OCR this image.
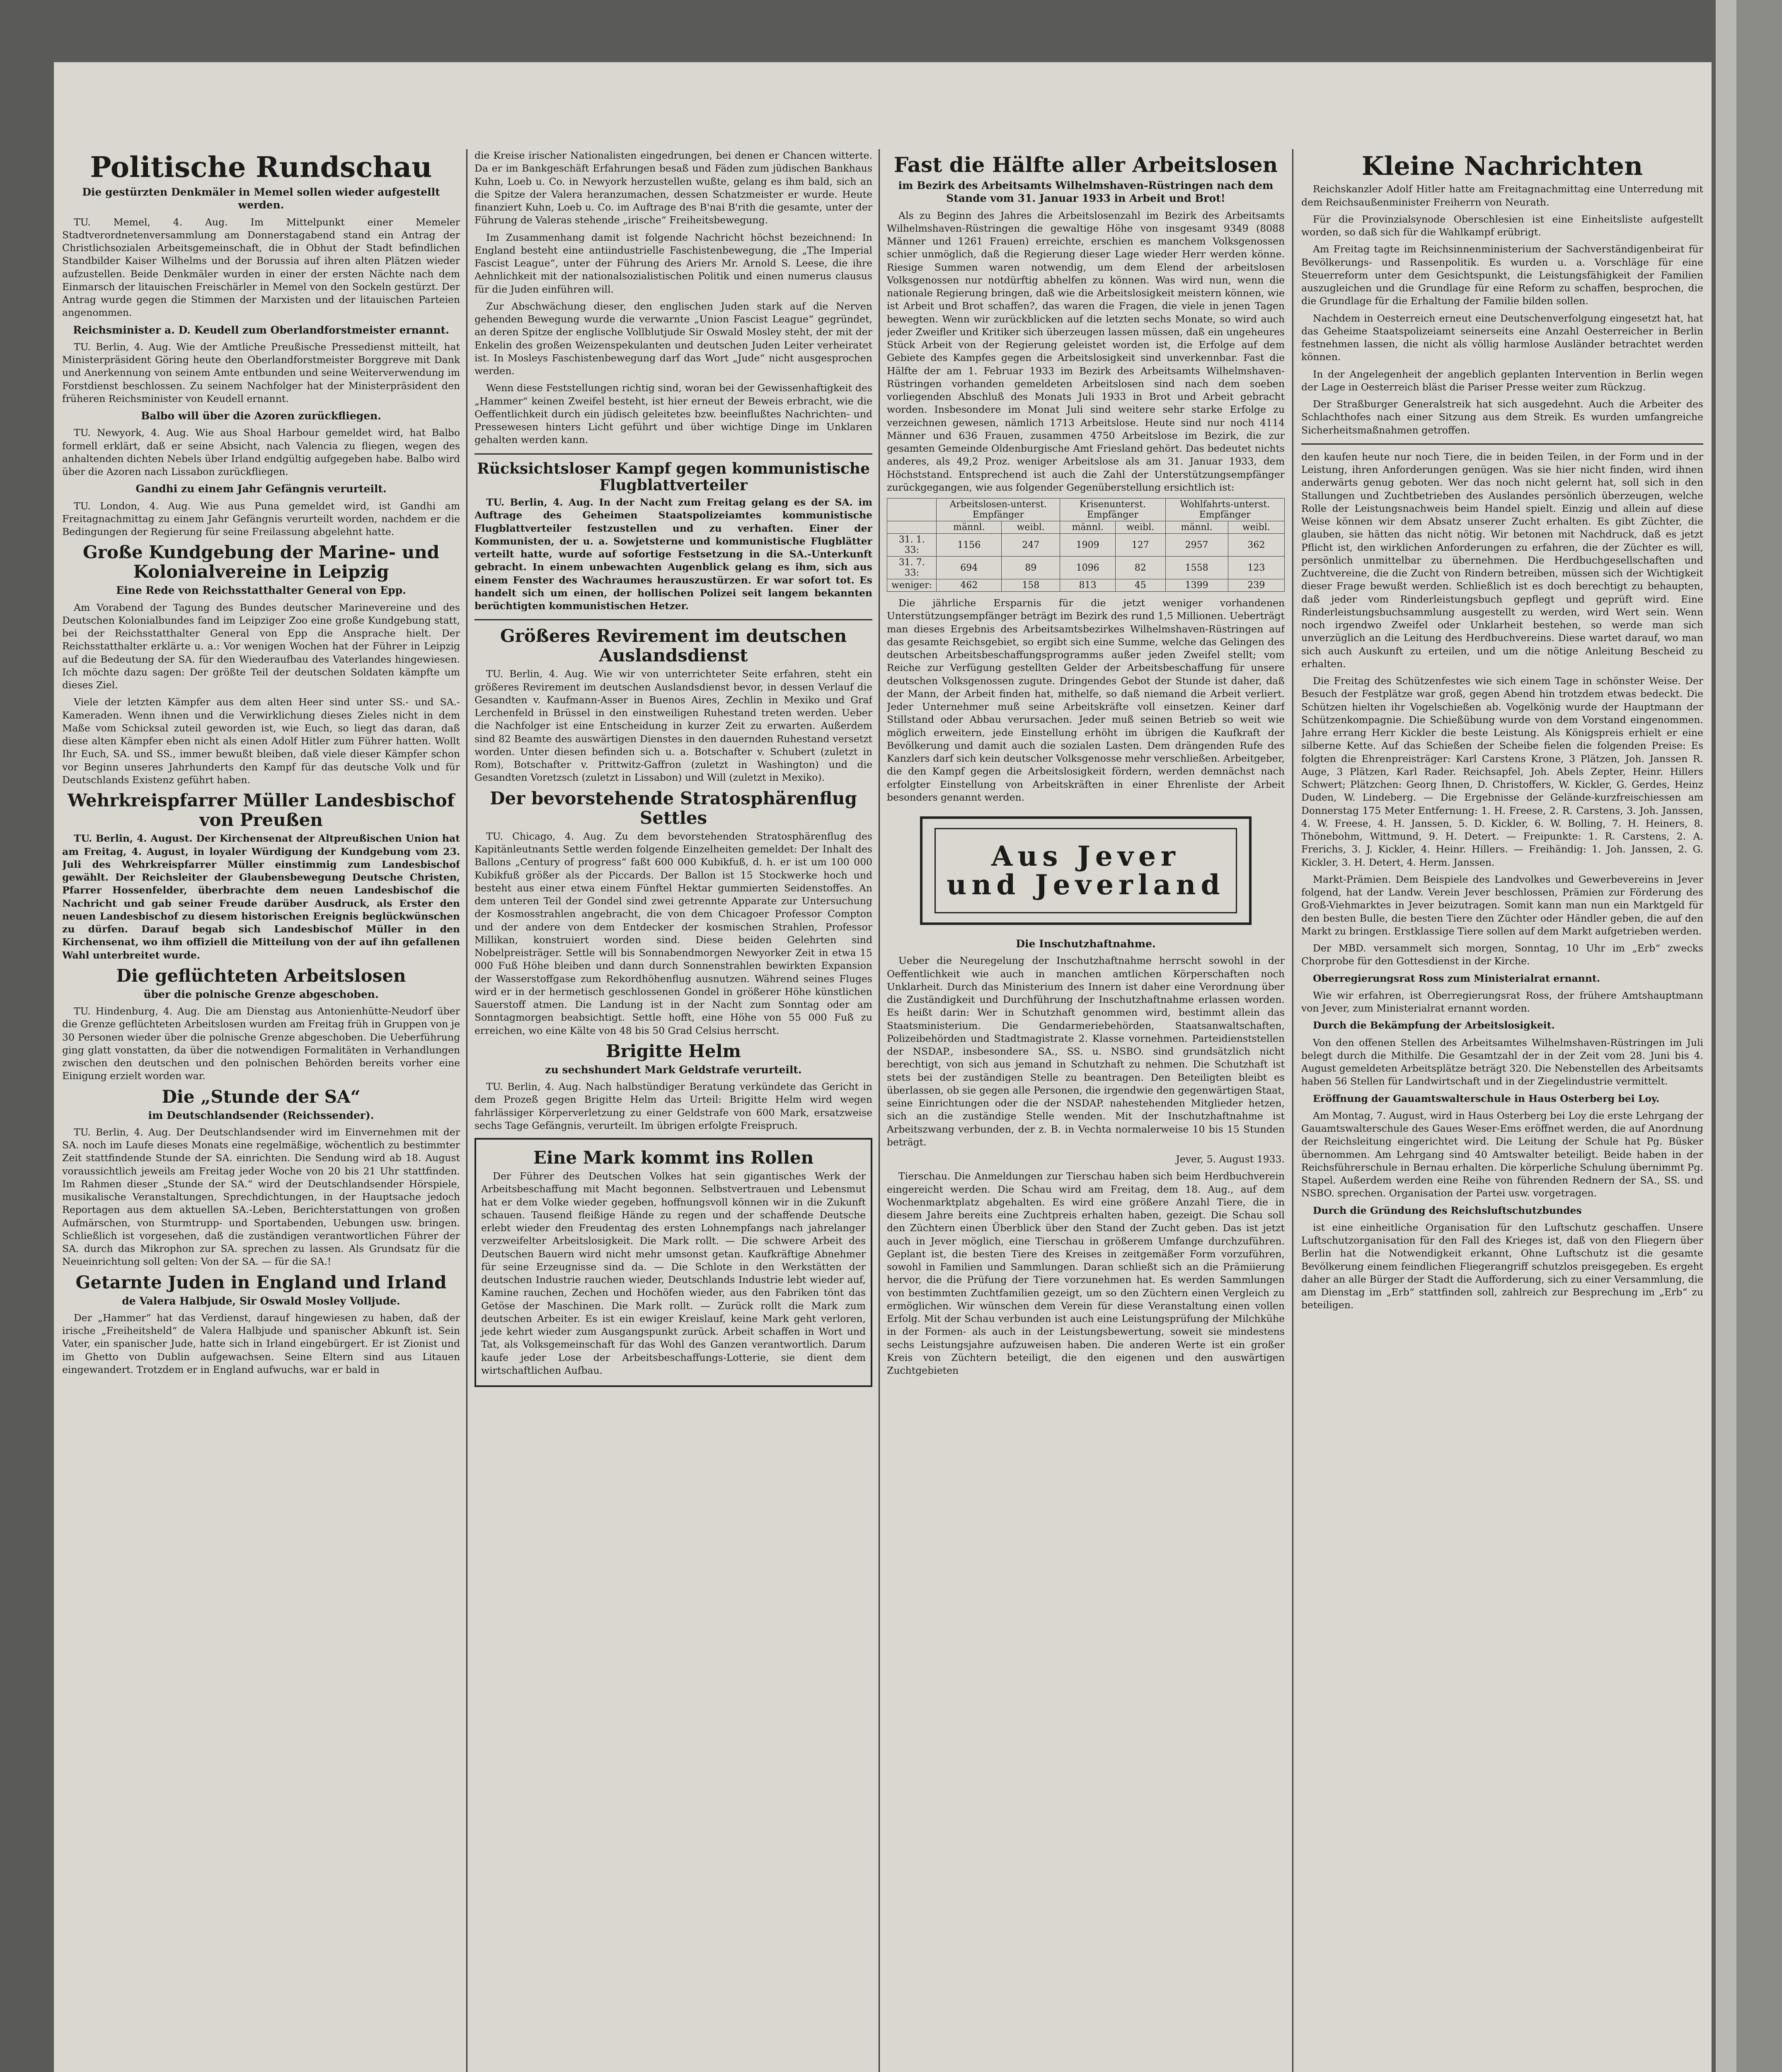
Politische Rundschau
Die gestürzten Denkmäler in Memel sollen wieder aufgestellt werden.

TU. Memel, 4. Aug. Im Mittelpunkt einer Memeler Stadtverordnetenversammlung am Donnerstagabend stand ein Antrag der Christlichsozialen Arbeitsgemeinschaft, die in Obhut der Stadt befindlichen Standbilder Kaiser Wilhelms und der Borussia auf ihren alten Plätzen wieder aufzustellen. Beide Denkmäler wurden in einer der ersten Nächte nach dem Einmarsch der litauischen Freischärler in Memel von den Sockeln gestürzt. Der Antrag wurde gegen die Stimmen der Marxisten und der litauischen Parteien angenommen.

Reichsminister a. D. Keudell zum Oberlandforstmeister ernannt.

TU. Berlin, 4. Aug. Wie der Amtliche Preußische Pressedienst mitteilt, hat Ministerpräsident Göring heute den Oberlandforstmeister Borggreve mit Dank und Anerkennung von seinem Amte entbunden und seine Weiterverwendung im Forstdienst beschlossen. Zu seinem Nachfolger hat der Ministerpräsident den früheren Reichsminister von Keudell ernannt.

Balbo will über die Azoren zurückfliegen.

TU. Newyork, 4. Aug. Wie aus Shoal Harbour gemeldet wird, hat Balbo formell erklärt, daß er seine Absicht, nach Valencia zu fliegen, wegen des anhaltenden dichten Nebels über Irland endgültig aufgegeben habe. Balbo wird über die Azoren nach Lissabon zurückfliegen.

Gandhi zu einem Jahr Gefängnis verurteilt.

TU. London, 4. Aug. Wie aus Puna gemeldet wird, ist Gandhi am Freitagnachmittag zu einem Jahr Gefängnis verurteilt worden, nachdem er die Bedingungen der Regierung für seine Freilassung abgelehnt hatte.

Große Kundgebung der Marine- und Kolonialvereine in Leipzig
Eine Rede von Reichsstatthalter General von Epp.

Am Vorabend der Tagung des Bundes deutscher Marinevereine und des Deutschen Kolonialbundes fand im Leipziger Zoo eine große Kundgebung statt, bei der Reichsstatthalter General von Epp die Ansprache hielt. Der Reichsstatthalter erklärte u. a.: Vor wenigen Wochen hat der Führer in Leipzig auf die Bedeutung der SA. für den Wiederaufbau des Vaterlandes hingewiesen. Ich möchte dazu sagen: Der größte Teil der deutschen Soldaten kämpfte um dieses Ziel.

Viele der letzten Kämpfer aus dem alten Heer sind unter SS.- und SA.-Kameraden. Wenn ihnen und die Verwirklichung dieses Zieles nicht in dem Maße vom Schicksal zuteil geworden ist, wie Euch, so liegt das daran, daß diese alten Kämpfer eben nicht als einen Adolf Hitler zum Führer hatten. Wollt Ihr Euch, SA. und SS., immer bewußt bleiben, daß viele dieser Kämpfer schon vor Beginn unseres Jahrhunderts den Kampf für das deutsche Volk und für Deutschlands Existenz geführt haben.

Wehrkreispfarrer Müller Landesbischof von Preußen

TU. Berlin, 4. August. Der Kirchensenat der Altpreußischen Union hat am Freitag, 4. August, in loyaler Würdigung der Kundgebung vom 23. Juli des Wehrkreispfarrer Müller einstimmig zum Landesbischof gewählt. Der Reichsleiter der Glaubensbewegung Deutsche Christen, Pfarrer Hossenfelder, überbrachte dem neuen Landesbischof die Nachricht und gab seiner Freude darüber Ausdruck, als Erster den neuen Landesbischof zu diesem historischen Ereignis beglückwünschen zu dürfen. Darauf begab sich Landesbischof Müller in den Kirchensenat, wo ihm offiziell die Mitteilung von der auf ihn gefallenen Wahl unterbreitet wurde.

Die geflüchteten Arbeitslosen
über die polnische Grenze abgeschoben.

TU. Hindenburg, 4. Aug. Die am Dienstag aus Antonienhütte-Neudorf über die Grenze geflüchteten Arbeitslosen wurden am Freitag früh in Gruppen von je 30 Personen wieder über die polnische Grenze abgeschoben. Die Ueberführung ging glatt vonstatten, da über die notwendigen Formalitäten in Verhandlungen zwischen den deutschen und den polnischen Behörden bereits vorher eine Einigung erzielt worden war.

Die „Stunde der SA“
im Deutschlandsender (Reichssender).

TU. Berlin, 4. Aug. Der Deutschlandsender wird im Einvernehmen mit der SA. noch im Laufe dieses Monats eine regelmäßige, wöchentlich zu bestimmter Zeit stattfindende Stunde der SA. einrichten. Die Sendung wird ab 18. August voraussichtlich jeweils am Freitag jeder Woche von 20 bis 21 Uhr stattfinden. Im Rahmen dieser „Stunde der SA.“ wird der Deutschlandsender Hörspiele, musikalische Veranstaltungen, Sprechdichtungen, in der Hauptsache jedoch Reportagen aus dem aktuellen SA.-Leben, Berichterstattungen von großen Aufmärschen, von Sturmtrupp- und Sportabenden, Uebungen usw. bringen. Schließlich ist vorgesehen, daß die zuständigen verantwortlichen Führer der SA. durch das Mikrophon zur SA. sprechen zu lassen. Als Grundsatz für die Neueinrichtung soll gelten: Von der SA. — für die SA.!

Getarnte Juden in England und Irland
de Valera Halbjude, Sir Oswald Mosley Volljude.

Der „Hammer“ hat das Verdienst, darauf hingewiesen zu haben, daß der irische „Freiheitsheld“ de Valera Halbjude und spanischer Abkunft ist. Sein Vater, ein spanischer Jude, hatte sich in Irland eingebürgert. Er ist Zionist und im Ghetto von Dublin aufgewachsen. Seine Eltern sind aus Litauen eingewandert. Trotzdem er in England aufwuchs, war er bald in

die Kreise irischer Nationalisten eingedrungen, bei denen er Chancen witterte. Da er im Bankgeschäft Erfahrungen besaß und Fäden zum jüdischen Bankhaus Kuhn, Loeb u. Co. in Newyork herzustellen wußte, gelang es ihm bald, sich an die Spitze der Valera heranzumachen, dessen Schatzmeister er wurde. Heute finanziert Kuhn, Loeb u. Co. im Auftrage des B'nai B'rith die gesamte, unter der Führung de Valeras stehende „irische“ Freiheitsbewegung.

Im Zusammenhang damit ist folgende Nachricht höchst bezeichnend: In England besteht eine antiindustrielle Faschistenbewegung, die „The Imperial Fascist League“, unter der Führung des Ariers Mr. Arnold S. Leese, die ihre Aehnlichkeit mit der nationalsozialistischen Politik und einen numerus clausus für die Juden einführen will.

Zur Abschwächung dieser, den englischen Juden stark auf die Nerven gehenden Bewegung wurde die verwarnte „Union Fascist League“ gegründet, an deren Spitze der englische Vollblutjude Sir Oswald Mosley steht, der mit der Enkelin des großen Weizenspekulanten und deutschen Juden Leiter verheiratet ist. In Mosleys Faschistenbewegung darf das Wort „Jude“ nicht ausgesprochen werden.

Wenn diese Feststellungen richtig sind, woran bei der Gewissenhaftigkeit des „Hammer“ keinen Zweifel besteht, ist hier erneut der Beweis erbracht, wie die Oeffentlichkeit durch ein jüdisch geleitetes bzw. beeinflußtes Nachrichten- und Pressewesen hinters Licht geführt und über wichtige Dinge im Unklaren gehalten werden kann.

Rücksichtsloser Kampf gegen kommunistische Flugblattverteiler

TU. Berlin, 4. Aug. In der Nacht zum Freitag gelang es der SA. im Auftrage des Geheimen Staatspolizeiamtes kommunistische Flugblattverteiler festzustellen und zu verhaften. Einer der Kommunisten, der u. a. Sowjetsterne und kommunistische Flugblätter verteilt hatte, wurde auf sofortige Festsetzung in die SA.-Unterkunft gebracht. In einem unbewachten Augenblick gelang es ihm, sich aus einem Fenster des Wachraumes herauszustürzen. Er war sofort tot. Es handelt sich um einen, der hollischen Polizei seit langem bekannten berüchtigten kommunistischen Hetzer.

Größeres Revirement im deutschen Auslandsdienst

TU. Berlin, 4. Aug. Wie wir von unterrichteter Seite erfahren, steht ein größeres Revirement im deutschen Auslandsdienst bevor, in dessen Verlauf die Gesandten v. Kaufmann-Asser in Buenos Aires, Zechlin in Mexiko und Graf Lerchenfeld in Brüssel in den einstweiligen Ruhestand treten werden. Ueber die Nachfolger ist eine Entscheidung in kurzer Zeit zu erwarten. Außerdem sind 82 Beamte des auswärtigen Dienstes in den dauernden Ruhestand versetzt worden. Unter diesen befinden sich u. a. Botschafter v. Schubert (zuletzt in Rom), Botschafter v. Prittwitz-Gaffron (zuletzt in Washington) und die Gesandten Voretzsch (zuletzt in Lissabon) und Will (zuletzt in Mexiko).

Der bevorstehende Stratosphärenflug Settles

TU. Chicago, 4. Aug. Zu dem bevorstehenden Stratosphärenflug des Kapitänleutnants Settle werden folgende Einzelheiten gemeldet: Der Inhalt des Ballons „Century of progress“ faßt 600 000 Kubikfuß, d. h. er ist um 100 000 Kubikfuß größer als der Piccards. Der Ballon ist 15 Stockwerke hoch und besteht aus einer etwa einem Fünftel Hektar gummierten Seidenstoffes. An dem unteren Teil der Gondel sind zwei getrennte Apparate zur Untersuchung der Kosmosstrahlen angebracht, die von dem Chicagoer Professor Compton und der andere von dem Entdecker der kosmischen Strahlen, Professor Millikan, konstruiert worden sind. Diese beiden Gelehrten sind Nobelpreisträger. Settle will bis Sonnabendmorgen Newyorker Zeit in etwa 15 000 Fuß Höhe bleiben und dann durch Sonnenstrahlen bewirkten Expansion der Wasserstoffgase zum Rekordhöhenflug ausnutzen. Während seines Fluges wird er in der hermetisch geschlossenen Gondel in größerer Höhe künstlichen Sauerstoff atmen. Die Landung ist in der Nacht zum Sonntag oder am Sonntagmorgen beabsichtigt. Settle hofft, eine Höhe von 55 000 Fuß zu erreichen, wo eine Kälte von 48 bis 50 Grad Celsius herrscht.

Brigitte Helm
zu sechshundert Mark Geldstrafe verurteilt.

TU. Berlin, 4. Aug. Nach halbstündiger Beratung verkündete das Gericht in dem Prozeß gegen Brigitte Helm das Urteil: Brigitte Helm wird wegen fahrlässiger Körperverletzung zu einer Geldstrafe von 600 Mark, ersatzweise sechs Tage Gefängnis, verurteilt. Im übrigen erfolgte Freispruch.

Eine Mark kommt ins Rollen

Der Führer des Deutschen Volkes hat sein gigantisches Werk der Arbeitsbeschaffung mit Macht begonnen. Selbstvertrauen und Lebensmut hat er dem Volke wieder gegeben, hoffnungsvoll können wir in die Zukunft schauen. Tausend fleißige Hände zu regen und der schaffende Deutsche erlebt wieder den Freudentag des ersten Lohnempfangs nach jahrelanger verzweifelter Arbeitslosigkeit. Die Mark rollt. — Die schwere Arbeit des Deutschen Bauern wird nicht mehr umsonst getan. Kaufkräftige Abnehmer für seine Erzeugnisse sind da. — Die Schlote in den Werkstätten der deutschen Industrie rauchen wieder, Deutschlands Industrie lebt wieder auf, Kamine rauchen, Zechen und Hochöfen wieder, aus den Fabriken tönt das Getöse der Maschinen. Die Mark rollt. — Zurück rollt die Mark zum deutschen Arbeiter. Es ist ein ewiger Kreislauf, keine Mark geht verloren, jede kehrt wieder zum Ausgangspunkt zurück. Arbeit schaffen in Wort und Tat, als Volksgemeinschaft für das Wohl des Ganzen verantwortlich. Darum kaufe jeder Lose der Arbeitsbeschaffungs-Lotterie, sie dient dem wirtschaftlichen Aufbau.

Fast die Hälfte aller Arbeitslosen
im Bezirk des Arbeitsamts Wilhelmshaven-Rüstringen nach dem Stande vom 31. Januar 1933 in Arbeit und Brot!

Als zu Beginn des Jahres die Arbeitslosenzahl im Bezirk des Arbeitsamts Wilhelmshaven-Rüstringen die gewaltige Höhe von insgesamt 9349 (8088 Männer und 1261 Frauen) erreichte, erschien es manchem Volksgenossen schier unmöglich, daß die Regierung dieser Lage wieder Herr werden könne. Riesige Summen waren notwendig, um dem Elend der arbeitslosen Volksgenossen nur notdürftig abhelfen zu können. Was wird nun, wenn die nationale Regierung bringen, daß wie die Arbeitslosigkeit meistern können, wie ist Arbeit und Brot schaffen?, das waren die Fragen, die viele in jenen Tagen bewegten. Wenn wir zurückblicken auf die letzten sechs Monate, so wird auch jeder Zweifler und Kritiker sich überzeugen lassen müssen, daß ein ungeheures Stück Arbeit von der Regierung geleistet worden ist, die Erfolge auf dem Gebiete des Kampfes gegen die Arbeitslosigkeit sind unverkennbar. Fast die Hälfte der am 1. Februar 1933 im Bezirk des Arbeitsamts Wilhelmshaven-Rüstringen vorhanden gemeldeten Arbeitslosen sind nach dem soeben vorliegenden Abschluß des Monats Juli 1933 in Brot und Arbeit gebracht worden. Insbesondere im Monat Juli sind weitere sehr starke Erfolge zu verzeichnen gewesen, nämlich 1713 Arbeitslose. Heute sind nur noch 4114 Männer und 636 Frauen, zusammen 4750 Arbeitslose im Bezirk, die zur gesamten Gemeinde Oldenburgische Amt Friesland gehört. Das bedeutet nichts anderes, als 49,2 Proz. weniger Arbeitslose als am 31. Januar 1933, dem Höchststand. Entsprechend ist auch die Zahl der Unterstützungsempfänger zurückgegangen, wie aus folgender Gegenüberstellung ersichtlich ist:

	Arbeitslosen-unterst. Empfänger		Krisenunterst. Empfänger		Wohlfahrts-unterst. Empfänger	
	männl.	weibl.	männl.	weibl.	männl.	weibl.
31. 1. 33:	1156	247	1909	127	2957	362
31. 7. 33:	694	89	1096	82	1558	123
weniger:	462	158	813	45	1399	239

Die jährliche Ersparnis für die jetzt weniger vorhandenen Unterstützungsempfänger beträgt im Bezirk des rund 1,5 Millionen. Ueberträgt man dieses Ergebnis des Arbeitsamtsbezirkes Wilhelmshaven-Rüstringen auf das gesamte Reichsgebiet, so ergibt sich eine Summe, welche das Gelingen des deutschen Arbeitsbeschaffungsprogramms außer jeden Zweifel stellt; vom Reiche zur Verfügung gestellten Gelder der Arbeitsbeschaffung für unsere deutschen Volksgenossen zugute. Dringendes Gebot der Stunde ist daher, daß der Mann, der Arbeit finden hat, mithelfe, so daß niemand die Arbeit verliert. Jeder Unternehmer muß seine Arbeitskräfte voll einsetzen. Keiner darf Stillstand oder Abbau verursachen. Jeder muß seinen Betrieb so weit wie möglich erweitern, jede Einstellung erhöht im übrigen die Kaufkraft der Bevölkerung und damit auch die sozialen Lasten. Dem drängenden Rufe des Kanzlers darf sich kein deutscher Volksgenosse mehr verschließen. Arbeitgeber, die den Kampf gegen die Arbeitslosigkeit fördern, werden demnächst nach erfolgter Einstellung von Arbeitskräften in einer Ehrenliste der Arbeit besonders genannt werden.

Aus Jever
und Jeverland
Die Inschutzhaftnahme.

Ueber die Neuregelung der Inschutzhaftnahme herrscht sowohl in der Oeffentlichkeit wie auch in manchen amtlichen Körperschaften noch Unklarheit. Durch das Ministerium des Innern ist daher eine Verordnung über die Zuständigkeit und Durchführung der Inschutzhaftnahme erlassen worden. Es heißt darin: Wer in Schutzhaft genommen wird, bestimmt allein das Staatsministerium. Die Gendarmeriebehörden, Staatsanwaltschaften, Polizeibehörden und Stadtmagistrate 2. Klasse vornehmen. Parteidienststellen der NSDAP., insbesondere SA., SS. u. NSBO. sind grundsätzlich nicht berechtigt, von sich aus jemand in Schutzhaft zu nehmen. Die Schutzhaft ist stets bei der zuständigen Stelle zu beantragen. Den Beteiligten bleibt es überlassen, ob sie gegen alle Personen, die irgendwie den gegenwärtigen Staat, seine Einrichtungen oder die der NSDAP. nahestehenden Mitglieder hetzen, sich an die zuständige Stelle wenden. Mit der Inschutzhaftnahme ist Arbeitszwang verbunden, der z. B. in Vechta normalerweise 10 bis 15 Stunden beträgt.

Jever, 5. August 1933.

Tierschau. Die Anmeldungen zur Tierschau haben sich beim Herdbuchverein eingereicht werden. Die Schau wird am Freitag, dem 18. Aug., auf dem Wochenmarktplatz abgehalten. Es wird eine größere Anzahl Tiere, die in diesem Jahre bereits eine Zuchtpreis erhalten haben, gezeigt. Die Schau soll den Züchtern einen Überblick über den Stand der Zucht geben. Das ist jetzt auch in Jever möglich, eine Tierschau in größerem Umfange durchzuführen. Geplant ist, die besten Tiere des Kreises in zeitgemäßer Form vorzuführen, sowohl in Familien und Sammlungen. Daran schließt sich an die Prämiierung hervor, die die Prüfung der Tiere vorzunehmen hat. Es werden Sammlungen von bestimmten Zuchtfamilien gezeigt, um so den Züchtern einen Vergleich zu ermöglichen. Wir wünschen dem Verein für diese Veranstaltung einen vollen Erfolg. Mit der Schau verbunden ist auch eine Leistungsprüfung der Milchkühe in der Formen- als auch in der Leistungsbewertung, soweit sie mindestens sechs Leistungsjahre aufzuweisen haben. Die anderen Werte ist ein großer Kreis von Züchtern beteiligt, die den eigenen und den auswärtigen Zuchtgebieten

Kleine Nachrichten

Reichskanzler Adolf Hitler hatte am Freitagnachmittag eine Unterredung mit dem Reichsaußenminister Freiherrn von Neurath.

Für die Provinzialsynode Oberschlesien ist eine Einheitsliste aufgestellt worden, so daß sich für die Wahlkampf erübrigt.

Am Freitag tagte im Reichsinnenministerium der Sachverständigenbeirat für Bevölkerungs- und Rassenpolitik. Es wurden u. a. Vorschläge für eine Steuerreform unter dem Gesichtspunkt, die Leistungsfähigkeit der Familien auszugleichen und die Grundlage für eine Reform zu schaffen, besprochen, die die Grundlage für die Erhaltung der Familie bilden sollen.

Nachdem in Oesterreich erneut eine Deutschenverfolgung eingesetzt hat, hat das Geheime Staatspolizeiamt seinerseits eine Anzahl Oesterreicher in Berlin festnehmen lassen, die nicht als völlig harmlose Ausländer betrachtet werden können.

In der Angelegenheit der angeblich geplanten Intervention in Berlin wegen der Lage in Oesterreich bläst die Pariser Presse weiter zum Rückzug.

Der Straßburger Generalstreik hat sich ausgedehnt. Auch die Arbeiter des Schlachthofes nach einer Sitzung aus dem Streik. Es wurden umfangreiche Sicherheitsmaßnahmen getroffen.

den kaufen heute nur noch Tiere, die in beiden Teilen, in der Form und in der Leistung, ihren Anforderungen genügen. Was sie hier nicht finden, wird ihnen anderwärts genug geboten. Wer das noch nicht gelernt hat, soll sich in den Stallungen und Zuchtbetrieben des Auslandes persönlich überzeugen, welche Rolle der Leistungsnachweis beim Handel spielt. Einzig und allein auf diese Weise können wir dem Absatz unserer Zucht erhalten. Es gibt Züchter, die glauben, sie hätten das nicht nötig. Wir betonen mit Nachdruck, daß es jetzt Pflicht ist, den wirklichen Anforderungen zu erfahren, die der Züchter es will, persönlich unmittelbar zu übernehmen. Die Herdbuchgesellschaften und Zuchtvereine, die die Zucht von Rindern betreiben, müssen sich der Wichtigkeit dieser Frage bewußt werden. Schließlich ist es doch berechtigt zu behaupten, daß jeder vom Rinderleistungsbuch gepflegt und geprüft wird. Eine Rinderleistungsbuchsammlung ausgestellt zu werden, wird Wert sein. Wenn noch irgendwo Zweifel oder Unklarheit bestehen, so werde man sich unverzüglich an die Leitung des Herdbuchvereins. Diese wartet darauf, wo man sich auch Auskunft zu erteilen, und um die nötige Anleitung Bescheid zu erhalten.

Die Freitag des Schützenfestes wie sich einem Tage in schönster Weise. Der Besuch der Festplätze war groß, gegen Abend hin trotzdem etwas bedeckt. Die Schützen hielten ihr Vogelschießen ab. Vogelkönig wurde der Hauptmann der Schützenkompagnie. Die Schießübung wurde von dem Vorstand eingenommen. Jahre errang Herr Kickler die beste Leistung. Als Königspreis erhielt er eine silberne Kette. Auf das Schießen der Scheibe fielen die folgenden Preise: Es folgten die Ehrenpreisträger: Karl Carstens Krone, 3 Plätzen, Joh. Janssen R. Auge, 3 Plätzen, Karl Rader. Reichsapfel, Joh. Abels Zepter, Heinr. Hillers Schwert; Plätzchen: Georg Ihnen, D. Christoffers, W. Kickler, G. Gerdes, Heinz Duden, W. Lindeberg. — Die Ergebnisse der Gelände-kurzfreischiessen am Donnerstag 175 Meter Entfernung: 1. H. Freese, 2. R. Carstens, 3. Joh. Janssen, 4. W. Freese, 4. H. Janssen, 5. D. Kickler, 6. W. Bolling, 7. H. Heiners, 8. Thönebohm, Wittmund, 9. H. Detert. — Freipunkte: 1. R. Carstens, 2. A. Frerichs, 3. J. Kickler, 4. Heinr. Hillers. — Freihändig: 1. Joh. Janssen, 2. G. Kickler, 3. H. Detert, 4. Herm. Janssen.

Markt-Prämien. Dem Beispiele des Landvolkes und Gewerbevereins in Jever folgend, hat der Landw. Verein Jever beschlossen, Prämien zur Förderung des Groß-Viehmarktes in Jever beizutragen. Somit kann man nun ein Marktgeld für den besten Bulle, die besten Tiere den Züchter oder Händler geben, die auf den Markt zu bringen. Erstklassige Tiere sollen auf dem Markt aufgetrieben werden.

Der MBD. versammelt sich morgen, Sonntag, 10 Uhr im „Erb“ zwecks Chorprobe für den Gottesdienst in der Kirche.

Oberregierungsrat Ross zum Ministerialrat ernannt.

Wie wir erfahren, ist Oberregierungsrat Ross, der frühere Amtshauptmann von Jever, zum Ministerialrat ernannt worden.

Durch die Bekämpfung der Arbeitslosigkeit.

Von den offenen Stellen des Arbeitsamtes Wilhelmshaven-Rüstringen im Juli belegt durch die Mithilfe. Die Gesamtzahl der in der Zeit vom 28. Juni bis 4. August gemeldeten Arbeitsplätze beträgt 320. Die Nebenstellen des Arbeitsamts haben 56 Stellen für Landwirtschaft und in der Ziegelindustrie vermittelt.

Eröffnung der Gauamtswalterschule in Haus Osterberg bei Loy.

Am Montag, 7. August, wird in Haus Osterberg bei Loy die erste Lehrgang der Gauamtswalterschule des Gaues Weser-Ems eröffnet werden, die auf Anordnung der Reichsleitung eingerichtet wird. Die Leitung der Schule hat Pg. Büsker übernommen. Am Lehrgang sind 40 Amtswalter beteiligt. Beide haben in der Reichsführerschule in Bernau erhalten. Die körperliche Schulung übernimmt Pg. Stapel. Außerdem werden eine Reihe von führenden Rednern der SA., SS. und NSBO. sprechen. Organisation der Partei usw. vorgetragen.

Durch die Gründung des Reichsluftschutzbundes

ist eine einheitliche Organisation für den Luftschutz geschaffen. Unsere Luftschutzorganisation für den Fall des Krieges ist, daß von den Fliegern über Berlin hat die Notwendigkeit erkannt, Ohne Luftschutz ist die gesamte Bevölkerung einem feindlichen Fliegerangriff schutzlos preisgegeben. Es ergeht daher an alle Bürger der Stadt die Aufforderung, sich zu einer Versammlung, die am Dienstag im „Erb“ stattfinden soll, zahlreich zur Besprechung im „Erb“ zu beteiligen.
